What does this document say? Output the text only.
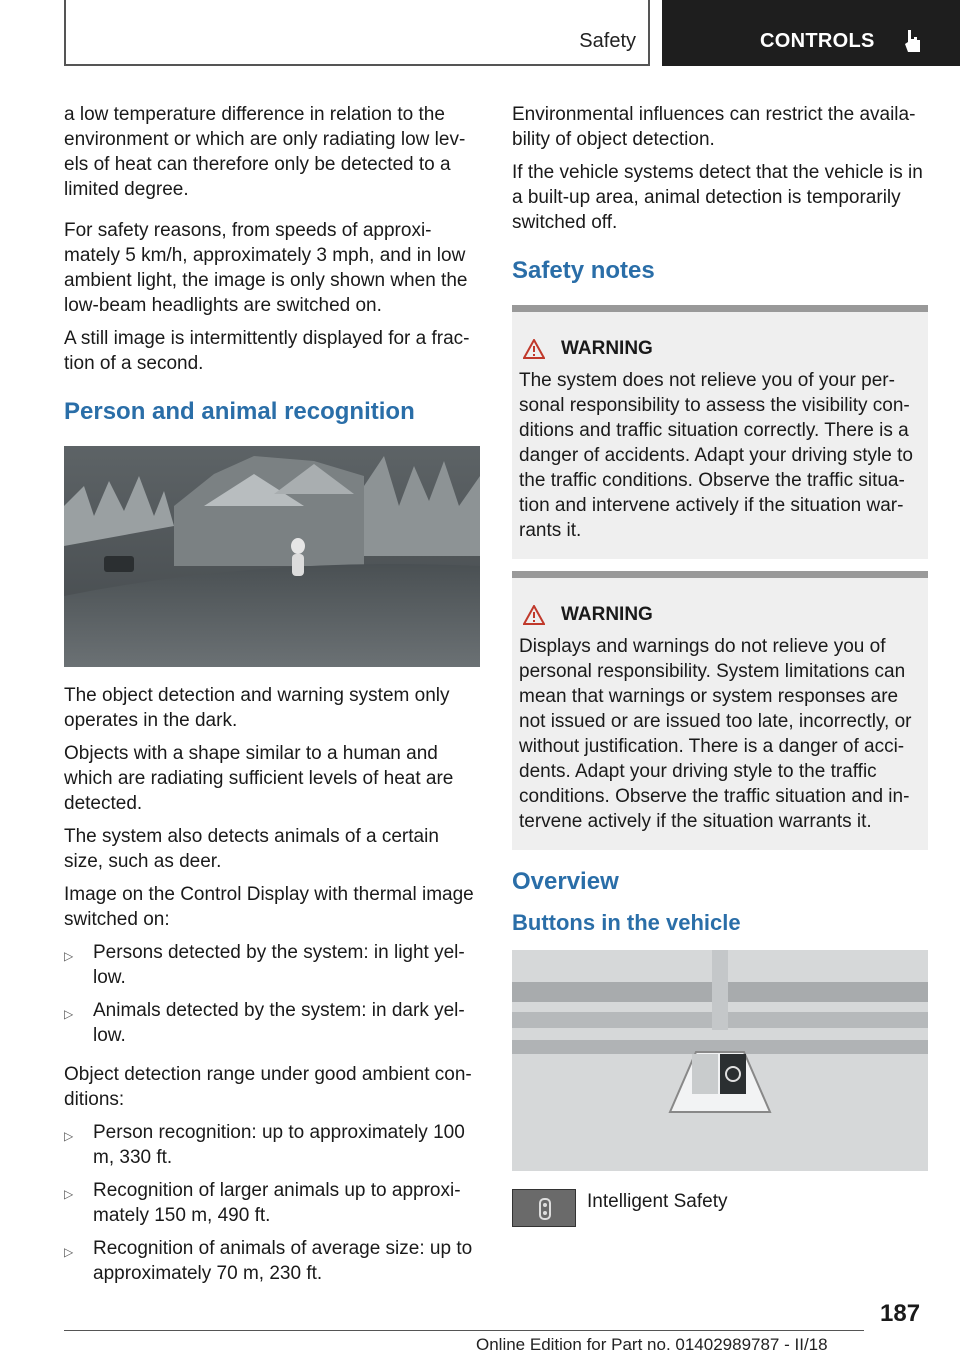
Safety	CONTROLS

a low temperature difference in relation to the environment or which are only radiating low lev‐els of heat can therefore only be detected to a limited degree.

For safety reasons, from speeds of approxi‐mately 5 km/h, approximately 3 mph, and in low ambient light, the image is only shown when the low-beam headlights are switched on.

A still image is intermittently displayed for a frac‐tion of a second.

Person and animal recognition

The object detection and warning system only operates in the dark.

Objects with a shape similar to a human and which are radiating sufficient levels of heat are detected.

The system also detects animals of a certain size, such as deer.

Image on the Control Display with thermal image switched on:

▷ Persons detected by the system: in light yel‐low.
▷ Animals detected by the system: in dark yel‐low.

Object detection range under good ambient con‐ditions:

▷ Person recognition: up to approximately 100 m, 330 ft.
▷ Recognition of larger animals up to approxi‐mately 150 m, 490 ft.
▷ Recognition of animals of average size: up to approximately 70 m, 230 ft.

Environmental influences can restrict the availa‐bility of object detection.

If the vehicle systems detect that the vehicle is in a built-up area, animal detection is temporarily switched off.

Safety notes
WARNING

The system does not relieve you of your per‐sonal responsibility to assess the visibility con‐ditions and traffic situation correctly. There is a danger of accidents. Adapt your driving style to the traffic conditions. Observe the traffic situa‐tion and intervene actively if the situation war‐rants it.

WARNING

Displays and warnings do not relieve you of personal responsibility. System limitations can mean that warnings or system responses are not issued or are issued too late, incorrectly, or without justification. There is a danger of acci‐dents. Adapt your driving style to the traffic conditions. Observe the traffic situation and in‐tervene actively if the situation warrants it.

Overview
Buttons in the vehicle
Intelligent Safety
187
Online Edition for Part no. 01402989787 - II/18
